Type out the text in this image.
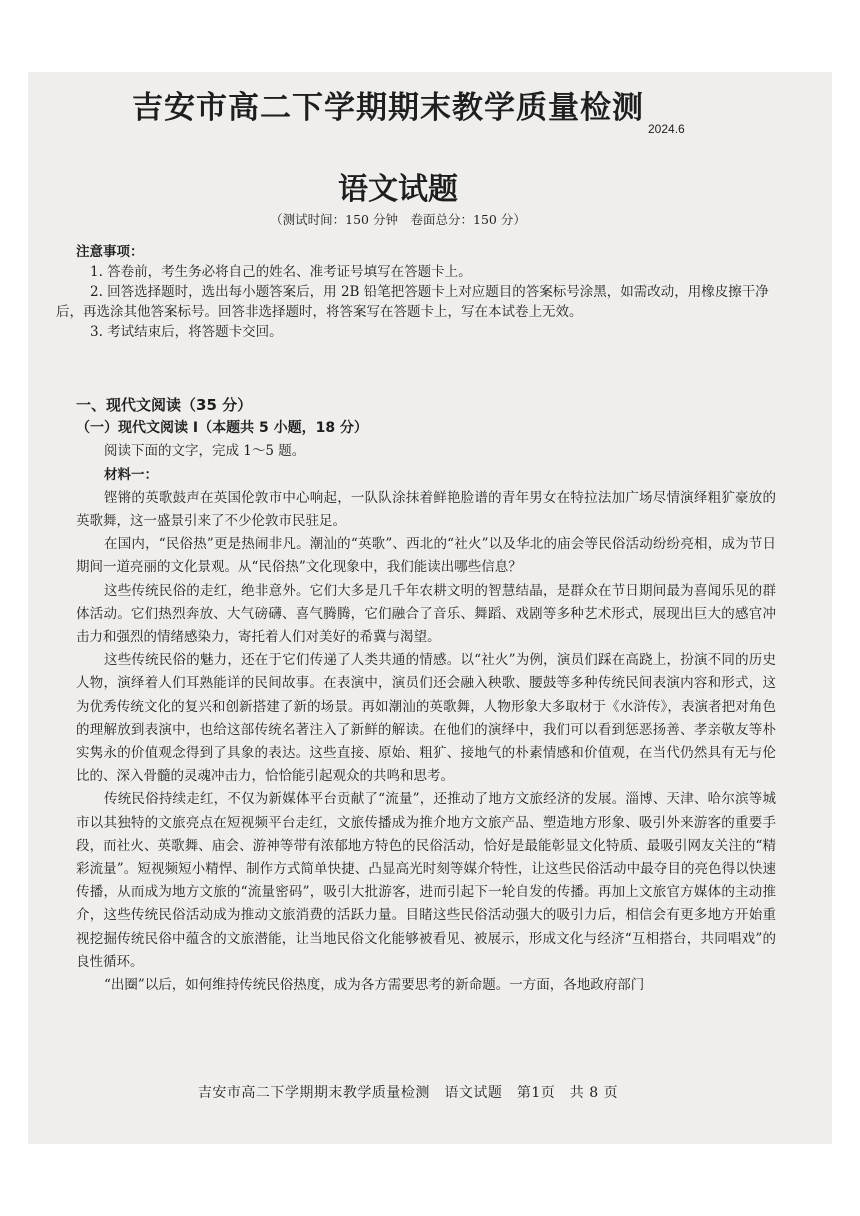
吉安市高二下学期期末教学质量检测
2024.6
语文试题
（测试时间：150 分钟　卷面总分：150 分）

注意事项：

1. 答卷前，考生务必将自己的姓名、准考证号填写在答题卡上。

2. 回答选择题时，选出每小题答案后，用 2B 铅笔把答题卡上对应题目的答案标号涂黑，如需改动，用橡皮擦干净后，再选涂其他答案标号。回答非选择题时，将答案写在答题卡上，写在本试卷上无效。

3. 考试结束后，将答题卡交回。

一、现代文阅读（35 分）

（一）现代文阅读 Ⅰ（本题共 5 小题，18 分）

阅读下面的文字，完成 1～5 题。

材料一：

铿锵的英歌鼓声在英国伦敦市中心响起，一队队涂抹着鲜艳脸谱的青年男女在特拉法加广场尽情演绎粗犷豪放的英歌舞，这一盛景引来了不少伦敦市民驻足。

在国内，“民俗热”更是热闹非凡。潮汕的“英歌”、西北的“社火”以及华北的庙会等民俗活动纷纷亮相，成为节日期间一道亮丽的文化景观。从“民俗热”文化现象中，我们能读出哪些信息？

这些传统民俗的走红，绝非意外。它们大多是几千年农耕文明的智慧结晶，是群众在节日期间最为喜闻乐见的群体活动。它们热烈奔放、大气磅礴、喜气腾腾，它们融合了音乐、舞蹈、戏剧等多种艺术形式，展现出巨大的感官冲击力和强烈的情绪感染力，寄托着人们对美好的希冀与渴望。

这些传统民俗的魅力，还在于它们传递了人类共通的情感。以“社火”为例，演员们踩在高跷上，扮演不同的历史人物，演绎着人们耳熟能详的民间故事。在表演中，演员们还会融入秧歌、腰鼓等多种传统民间表演内容和形式，这为优秀传统文化的复兴和创新搭建了新的场景。再如潮汕的英歌舞，人物形象大多取材于《水浒传》，表演者把对角色的理解放到表演中，也给这部传统名著注入了新鲜的解读。在他们的演绎中，我们可以看到惩恶扬善、孝亲敬友等朴实隽永的价值观念得到了具象的表达。这些直接、原始、粗犷、接地气的朴素情感和价值观，在当代仍然具有无与伦比的、深入骨髓的灵魂冲击力，恰恰能引起观众的共鸣和思考。

传统民俗持续走红，不仅为新媒体平台贡献了“流量”，还推动了地方文旅经济的发展。淄博、天津、哈尔滨等城市以其独特的文旅亮点在短视频平台走红，文旅传播成为推介地方文旅产品、塑造地方形象、吸引外来游客的重要手段，而社火、英歌舞、庙会、游神等带有浓郁地方特色的民俗活动，恰好是最能彰显文化特质、最吸引网友关注的“精彩流量”。短视频短小精悍、制作方式简单快捷、凸显高光时刻等媒介特性，让这些民俗活动中最夺目的亮色得以快速传播，从而成为地方文旅的“流量密码”，吸引大批游客，进而引起下一轮自发的传播。再加上文旅官方媒体的主动推介，这些传统民俗活动成为推动文旅消费的活跃力量。目睹这些民俗活动强大的吸引力后，相信会有更多地方开始重视挖掘传统民俗中蕴含的文旅潜能，让当地民俗文化能够被看见、被展示，形成文化与经济“互相搭台，共同唱戏”的良性循环。

“出圈”以后，如何维持传统民俗热度，成为各方需要思考的新命题。一方面，各地政府部门

吉安市高二下学期期末教学质量检测　语文试题　第1页　共 8 页
